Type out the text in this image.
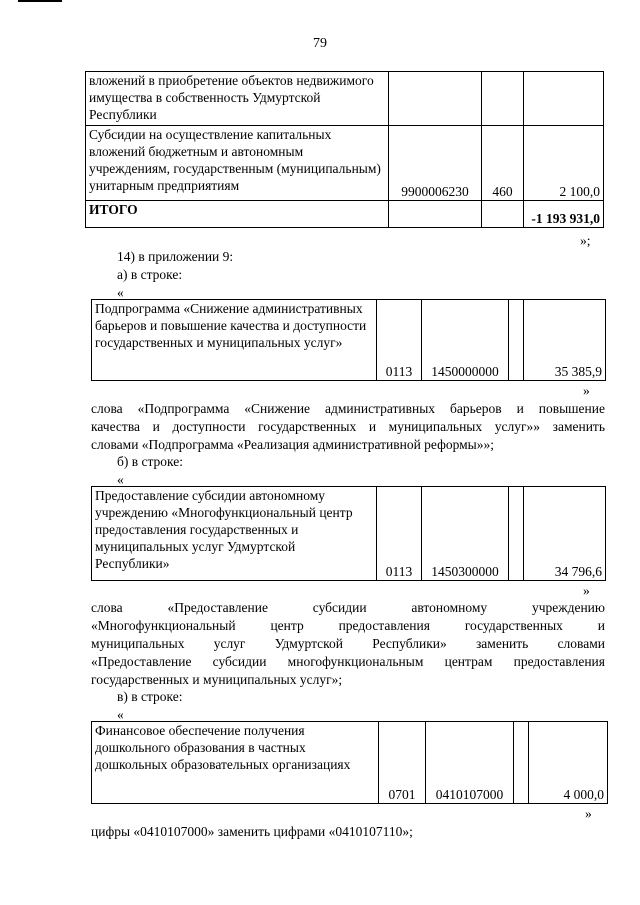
79
вложений в приобретение объектов недвижимого имущества в собственность Удмуртской Республики			
Субсидии на осуществление капитальных вложений бюджетным и автономным учреждениям, государственным (муниципальным) унитарным предприятиям	9900006230	460	2 100,0
ИТОГО			-1 193 931,0
»;
14) в приложении 9:
а) в строке:
«
Подпрограмма «Снижение административных барьеров и повышение качества и доступности государственных и муниципальных услуг»	0113	1450000000		35 385,9
»
слова «Подпрограмма «Снижение административных барьеров и повышение
качества и доступности государственных и муниципальных услуг»» заменить
словами «Подпрограмма «Реализация административной реформы»»;
б) в строке:
«
Предоставление субсидии автономному учреждению «Многофункциональный центр предоставления государственных и муниципальных услуг Удмуртской Республики»	0113	1450300000		34 796,6
»
слова «Предоставление субсидии автономному учреждению
«Многофункциональный центр предоставления государственных и
муниципальных услуг Удмуртской Республики» заменить словами
«Предоставление субсидии многофункциональным центрам предоставления
государственных и муниципальных услуг»;
в) в строке:
«
Финансовое обеспечение получения дошкольного образования в частных дошкольных образовательных организациях	0701	0410107000		4 000,0
»
цифры «0410107000» заменить цифрами «0410107110»;
